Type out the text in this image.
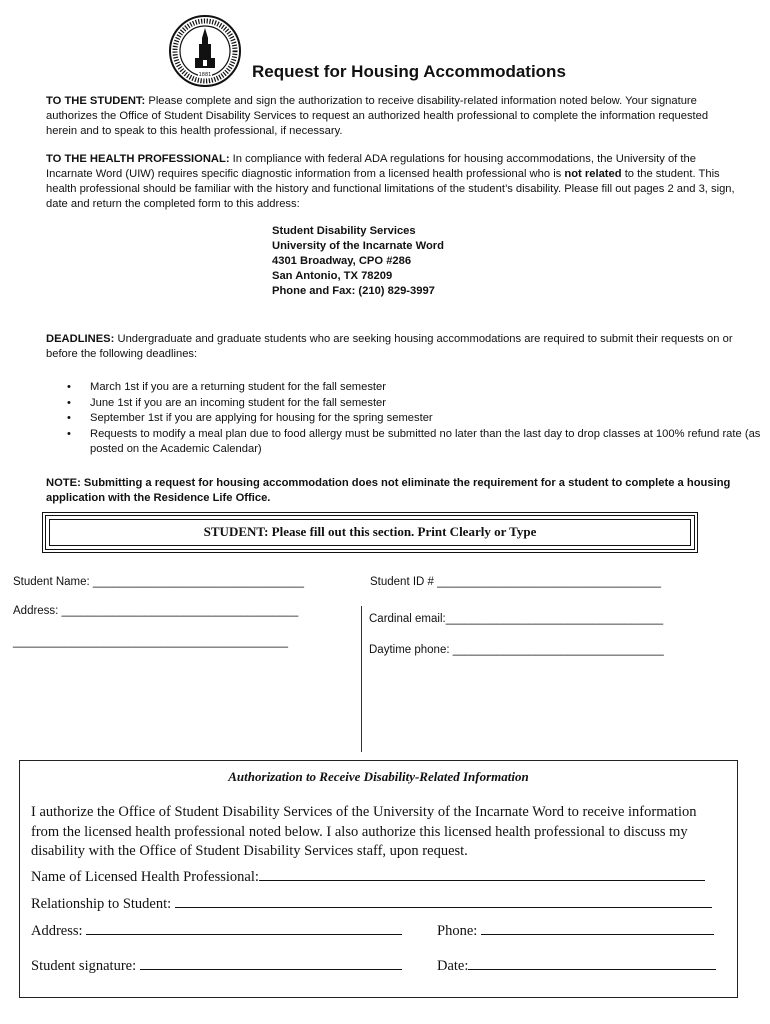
1881 Request for Housing Accommodations
TO THE STUDENT: Please complete and sign the authorization to receive disability-related information noted below. Your signature authorizes the Office of Student Disability Services to request an authorized health professional to complete the information requested herein and to speak to this health professional, if necessary.
TO THE HEALTH PROFESSIONAL: In compliance with federal ADA regulations for housing accommodations, the University of the Incarnate Word (UIW) requires specific diagnostic information from a licensed health professional who is not related to the student. This health professional should be familiar with the history and functional limitations of the student’s disability. Please fill out pages 2 and 3, sign, date and return the completed form to this address:
Student Disability Services
University of the Incarnate Word
4301 Broadway, CPO #286
San Antonio, TX 78209
Phone and Fax: (210) 829-3997
DEADLINES: Undergraduate and graduate students who are seeking housing accommodations are required to submit their requests on or before the following deadlines:
• March 1st if you are a returning student for the fall semester
• June 1st if you are an incoming student for the fall semester
• September 1st if you are applying for housing for the spring semester
• Requests to modify a meal plan due to food allergy must be submitted no later than the last day to drop classes at 100% refund rate (as posted on the Academic Calendar)
NOTE: Submitting a request for housing accommodation does not eliminate the requirement for a student to complete a housing application with the Residence Life Office.
STUDENT: Please fill out this section. Print Clearly or Type
Student Name: _________________________________	Student ID # ___________________________________
Address: _____________________________________
___________________________________________
Cardinal email:__________________________________
Daytime phone: _________________________________
Authorization to Receive Disability-Related Information
I authorize the Office of Student Disability Services of the University of the Incarnate Word to receive information from the licensed health professional noted below. I also authorize this licensed health professional to discuss my disability with the Office of Student Disability Services staff, upon request.
Name of Licensed Health Professional:
Relationship to Student:
Address:	Phone:
Student signature:	Date:
